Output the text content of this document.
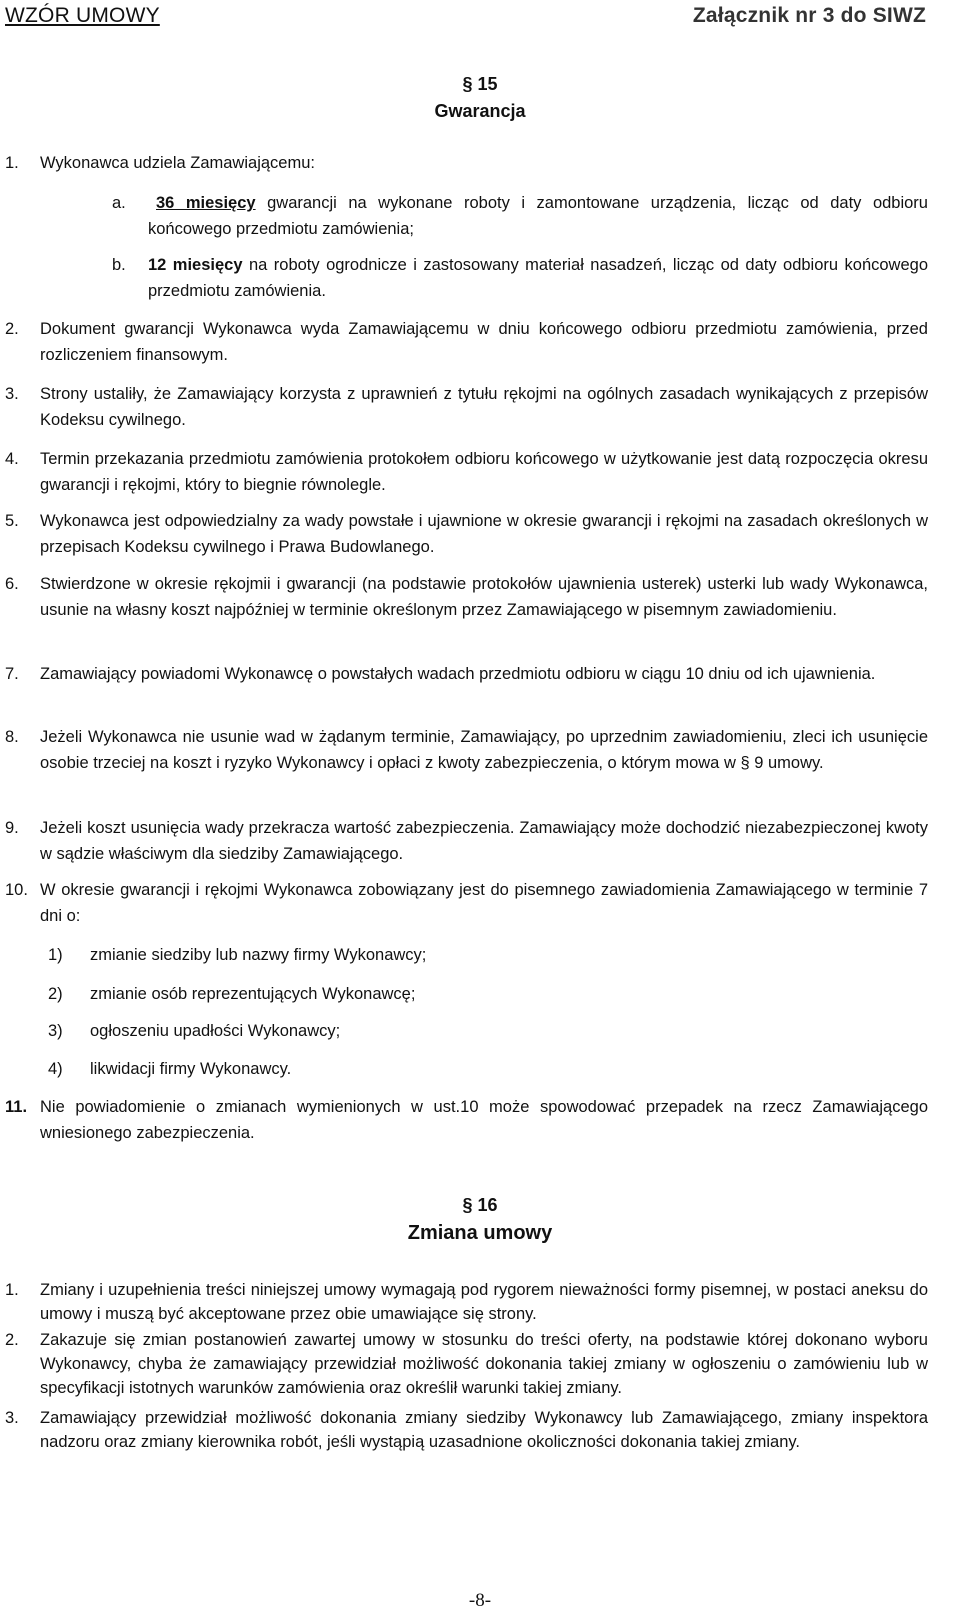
WZÓR UMOWY	Załącznik nr 3 do SIWZ
§ 15
Gwarancja
1. Wykonawca udziela Zamawiającemu:
a.	36 miesięcy gwarancji na wykonane roboty i zamontowane urządzenia, licząc od daty odbioru końcowego przedmiotu zamówienia;
b. 12 miesięcy na roboty ogrodnicze i zastosowany materiał nasadzeń, licząc od daty odbioru końcowego przedmiotu zamówienia.
2. Dokument gwarancji Wykonawca wyda Zamawiającemu w dniu końcowego odbioru przedmiotu zamówienia, przed rozliczeniem finansowym.
3. Strony ustaliły, że Zamawiający korzysta z uprawnień z tytułu rękojmi na ogólnych zasadach wynikających z przepisów Kodeksu cywilnego.
4. Termin przekazania przedmiotu zamówienia protokołem odbioru końcowego w użytkowanie jest datą rozpoczęcia okresu gwarancji i rękojmi, który to biegnie równolegle.
5. Wykonawca jest odpowiedzialny za wady powstałe i ujawnione w okresie gwarancji i rękojmi na zasadach określonych w przepisach Kodeksu cywilnego i Prawa Budowlanego.
6. Stwierdzone w okresie rękojmii i gwarancji (na podstawie protokołów ujawnienia usterek) usterki lub wady Wykonawca, usunie na własny koszt najpóźniej w terminie określonym przez Zamawiającego w pisemnym zawiadomieniu.
7. Zamawiający powiadomi Wykonawcę o powstałych wadach przedmiotu odbioru w ciągu 10 dniu od ich ujawnienia.
8. Jeżeli Wykonawca nie usunie wad w żądanym terminie, Zamawiający, po uprzednim zawiadomieniu, zleci ich usunięcie osobie trzeciej na koszt i ryzyko Wykonawcy i opłaci z kwoty zabezpieczenia, o którym mowa w § 9 umowy.
9. Jeżeli koszt usunięcia wady przekracza wartość zabezpieczenia. Zamawiający może dochodzić niezabezpieczonej kwoty w sądzie właściwym dla siedziby Zamawiającego.
10. W okresie gwarancji i rękojmi Wykonawca zobowiązany jest do pisemnego zawiadomienia Zamawiającego w terminie 7 dni o:
1) zmianie siedziby lub nazwy firmy Wykonawcy;
2) zmianie osób reprezentujących Wykonawcę;
3) ogłoszeniu upadłości Wykonawcy;
4) likwidacji firmy Wykonawcy.
11. Nie powiadomienie o zmianach wymienionych w ust.10 może spowodować przepadek na rzecz Zamawiającego wniesionego zabezpieczenia.
§ 16
Zmiana umowy
1. Zmiany i uzupełnienia treści niniejszej umowy wymagają pod rygorem nieważności formy pisemnej, w postaci aneksu do umowy i muszą być akceptowane przez obie umawiające się strony.
2. Zakazuje się zmian postanowień zawartej umowy w stosunku do treści oferty, na podstawie której dokonano wyboru Wykonawcy, chyba że zamawiający przewidział możliwość dokonania takiej zmiany w ogłoszeniu o zamówieniu lub w specyfikacji istotnych warunków zamówienia oraz określił warunki takiej zmiany.
3. Zamawiający przewidział możliwość dokonania zmiany siedziby Wykonawcy lub Zamawiającego, zmiany inspektora nadzoru oraz zmiany kierownika robót, jeśli wystąpią uzasadnione okoliczności dokonania takiej zmiany.
-8-
